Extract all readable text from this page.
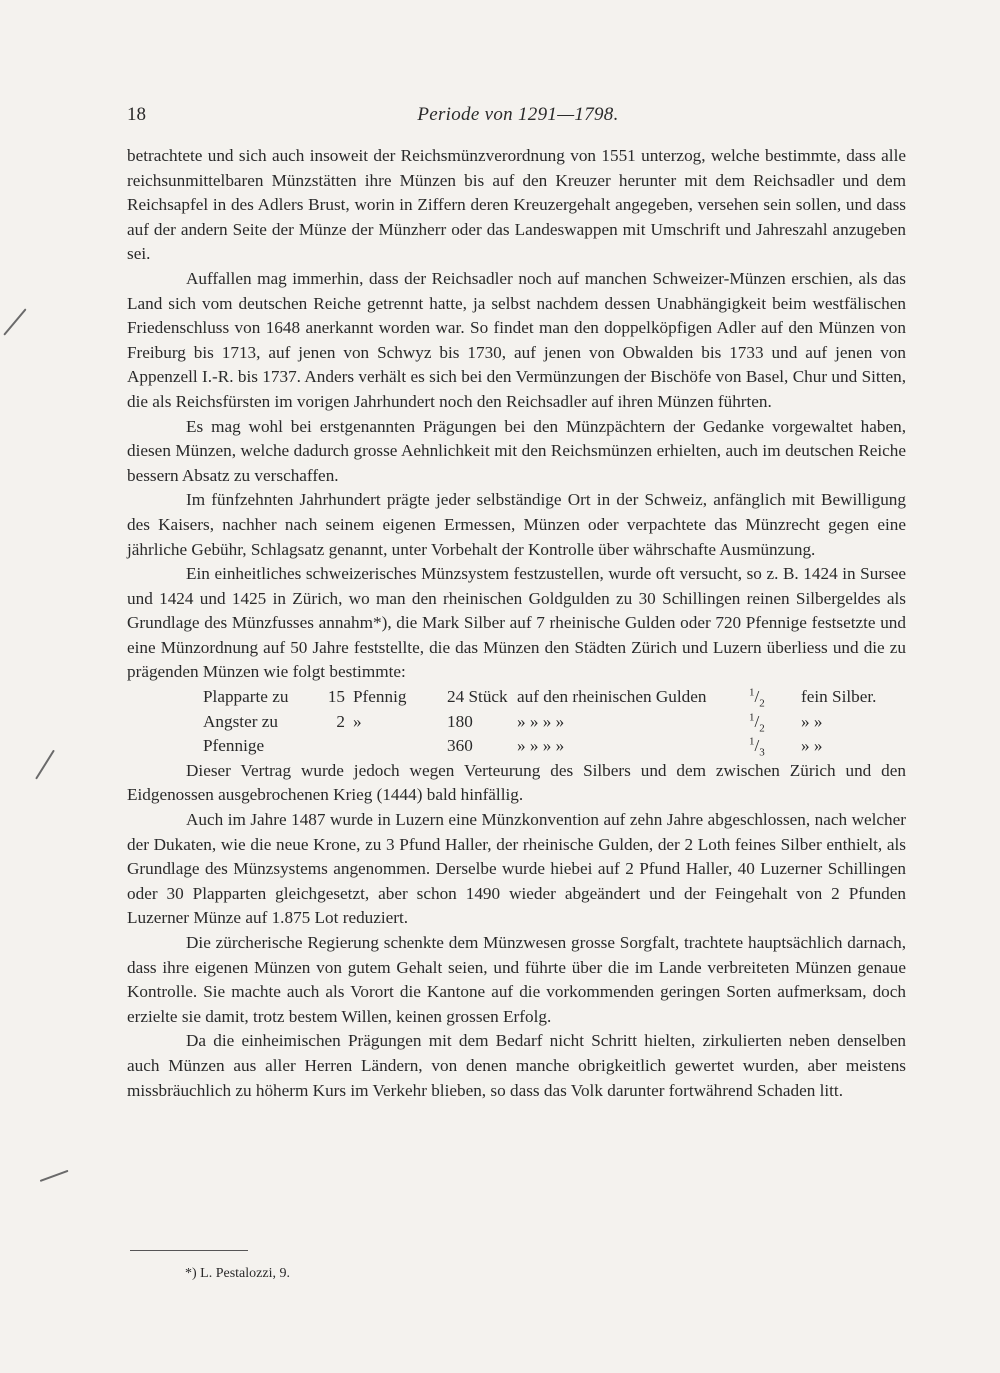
18	Periode von 1291—1798.

betrachtete und sich auch insoweit der Reichsmünzverordnung von 1551 unterzog, welche bestimmte, dass alle reichsunmittelbaren Münzstätten ihre Münzen bis auf den Kreuzer herunter mit dem Reichsadler und dem Reichsapfel in des Adlers Brust, worin in Ziffern deren Kreuzergehalt angegeben, versehen sein sollen, und dass auf der andern Seite der Münze der Münzherr oder das Landeswappen mit Umschrift und Jahreszahl anzugeben sei.

Auffallen mag immerhin, dass der Reichsadler noch auf manchen Schweizer-Münzen erschien, als das Land sich vom deutschen Reiche getrennt hatte, ja selbst nachdem dessen Unabhängigkeit beim westfälischen Friedenschluss von 1648 anerkannt worden war. So findet man den doppelköpfigen Adler auf den Münzen von Freiburg bis 1713, auf jenen von Schwyz bis 1730, auf jenen von Obwalden bis 1733 und auf jenen von Appenzell I.-R. bis 1737. Anders verhält es sich bei den Vermünzungen der Bischöfe von Basel, Chur und Sitten, die als Reichsfürsten im vorigen Jahrhundert noch den Reichsadler auf ihren Münzen führten.

Es mag wohl bei erstgenannten Prägungen bei den Münzpächtern der Gedanke vorgewaltet haben, diesen Münzen, welche dadurch grosse Aehnlichkeit mit den Reichsmünzen erhielten, auch im deutschen Reiche bessern Absatz zu verschaffen.

Im fünfzehnten Jahrhundert prägte jeder selbständige Ort in der Schweiz, anfänglich mit Bewilligung des Kaisers, nachher nach seinem eigenen Ermessen, Münzen oder verpachtete das Münzrecht gegen eine jährliche Gebühr, Schlagsatz genannt, unter Vorbehalt der Kontrolle über währschafte Ausmünzung.

Ein einheitliches schweizerisches Münzsystem festzustellen, wurde oft versucht, so z. B. 1424 in Sursee und 1424 und 1425 in Zürich, wo man den rheinischen Goldgulden zu 30 Schillingen reinen Silbergeldes als Grundlage des Münzfusses annahm*), die Mark Silber auf 7 rheinische Gulden oder 720 Pfennige festsetzte und eine Münzordnung auf 50 Jahre feststellte, die das Münzen den Städten Zürich und Luzern überliess und die zu prägenden Münzen wie folgt bestimmte:

Plapparte zu	15	Pfennig	24 Stück	auf den rheinischen Gulden	$^1/_2$	fein Silber.
Angster zu	2	»	180	» » » »	$^1/_2$	» »
Pfennige			360	» » » »	$^1/_3$	» »

Dieser Vertrag wurde jedoch wegen Verteurung des Silbers und dem zwischen Zürich und den Eidgenossen ausgebrochenen Krieg (1444) bald hinfällig.

Auch im Jahre 1487 wurde in Luzern eine Münzkonvention auf zehn Jahre abgeschlossen, nach welcher der Dukaten, wie die neue Krone, zu 3 Pfund Haller, der rheinische Gulden, der 2 Loth feines Silber enthielt, als Grundlage des Münzsystems angenommen. Derselbe wurde hiebei auf 2 Pfund Haller, 40 Luzerner Schillingen oder 30 Plapparten gleichgesetzt, aber schon 1490 wieder abgeändert und der Feingehalt von 2 Pfunden Luzerner Münze auf 1.875 Lot reduziert.

Die zürcherische Regierung schenkte dem Münzwesen grosse Sorgfalt, trachtete hauptsächlich darnach, dass ihre eigenen Münzen von gutem Gehalt seien, und führte über die im Lande verbreiteten Münzen genaue Kontrolle. Sie machte auch als Vorort die Kantone auf die vorkommenden geringen Sorten aufmerksam, doch erzielte sie damit, trotz bestem Willen, keinen grossen Erfolg.

Da die einheimischen Prägungen mit dem Bedarf nicht Schritt hielten, zirkulierten neben denselben auch Münzen aus aller Herren Ländern, von denen manche obrigkeitlich gewertet wurden, aber meistens missbräuchlich zu höherm Kurs im Verkehr blieben, so dass das Volk darunter fortwährend Schaden litt.

*) L. Pestalozzi, 9.
